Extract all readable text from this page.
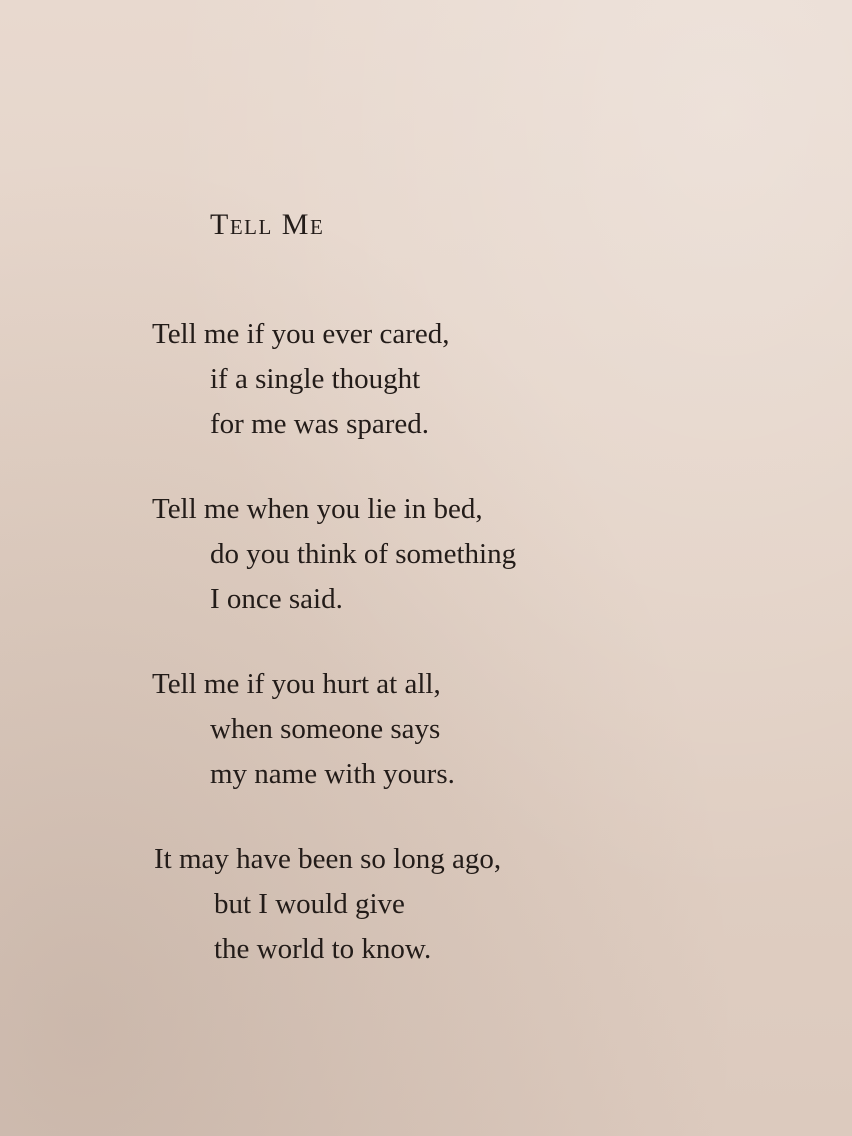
Tell Me
Tell me if you ever cared,
if a single thought
for me was spared.
Tell me when you lie in bed,
do you think of something
I once said.
Tell me if you hurt at all,
when someone says
my name with yours.
It may have been so long ago,
but I would give
the world to know.
